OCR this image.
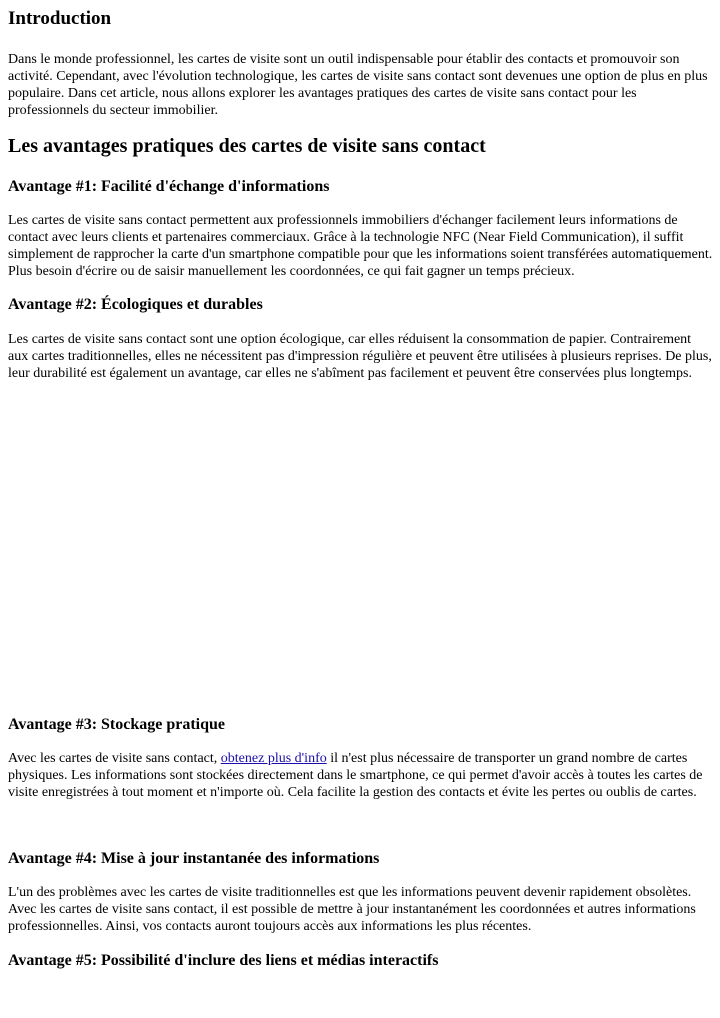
Introduction

Dans le monde professionnel, les cartes de visite sont un outil indispensable pour établir des contacts et promouvoir son activité. Cependant, avec l'évolution technologique, les cartes de visite sans contact sont devenues une option de plus en plus populaire. Dans cet article, nous allons explorer les avantages pratiques des cartes de visite sans contact pour les professionnels du secteur immobilier.

Les avantages pratiques des cartes de visite sans contact
Avantage #1: Facilité d'échange d'informations

Les cartes de visite sans contact permettent aux professionnels immobiliers d'échanger facilement leurs informations de contact avec leurs clients et partenaires commerciaux. Grâce à la technologie NFC (Near Field Communication), il suffit simplement de rapprocher la carte d'un smartphone compatible pour que les informations soient transférées automatiquement. Plus besoin d'écrire ou de saisir manuellement les coordonnées, ce qui fait gagner un temps précieux.

Avantage #2: Écologiques et durables

Les cartes de visite sans contact sont une option écologique, car elles réduisent la consommation de papier. Contrairement aux cartes traditionnelles, elles ne nécessitent pas d'impression régulière et peuvent être utilisées à plusieurs reprises. De plus, leur durabilité est également un avantage, car elles ne s'abîment pas facilement et peuvent être conservées plus longtemps.

Avantage #3: Stockage pratique

Avec les cartes de visite sans contact, obtenez plus d'info il n'est plus nécessaire de transporter un grand nombre de cartes physiques. Les informations sont stockées directement dans le smartphone, ce qui permet d'avoir accès à toutes les cartes de visite enregistrées à tout moment et n'importe où. Cela facilite la gestion des contacts et évite les pertes ou oublis de cartes.

Avantage #4: Mise à jour instantanée des informations

L'un des problèmes avec les cartes de visite traditionnelles est que les informations peuvent devenir rapidement obsolètes. Avec les cartes de visite sans contact, il est possible de mettre à jour instantanément les coordonnées et autres informations professionnelles. Ainsi, vos contacts auront toujours accès aux informations les plus récentes.

Avantage #5: Possibilité d'inclure des liens et médias interactifs
